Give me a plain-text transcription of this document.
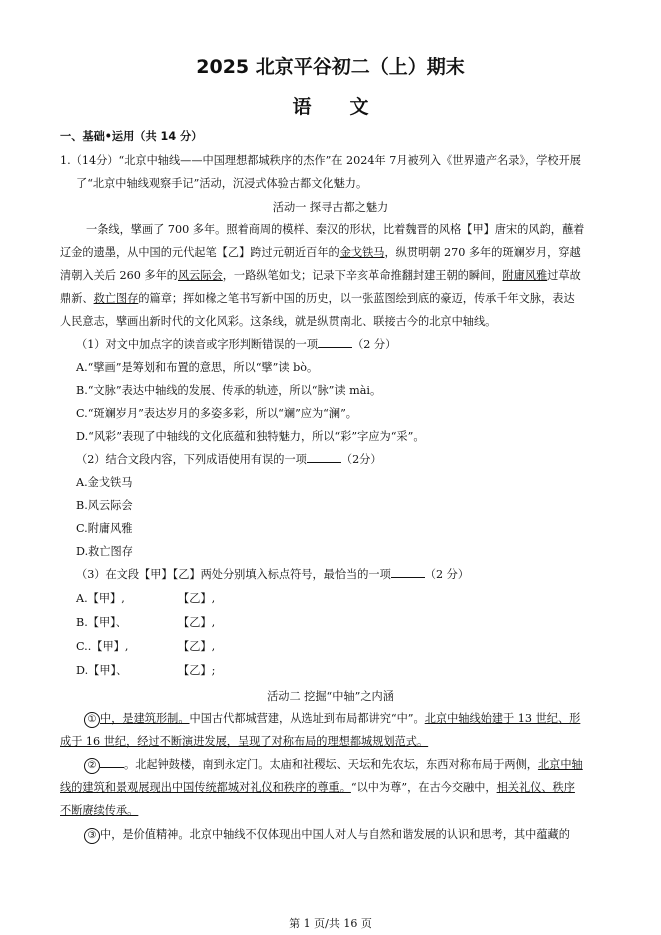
2025 北京平谷初二（上）期末
语文
一、基础•运用（共 14 分）
1.（14分）“北京中轴线——中国理想都城秩序的杰作”在 2024年 7月被列入《世界遗产名录》，学校开展
了“北京中轴线观察手记”活动，沉浸式体验古都文化魅力。
活动一 探寻古都之魅力
一条线，擘画了 700 多年。照着商周的模样、秦汉的形状，比着魏晋的风格【甲】唐宋的风韵，蘸着
辽金的遗墨，从中国的元代起笔【乙】跨过元朝近百年的金戈铁马，纵贯明朝 270 多年的斑斓岁月，穿越
清朝入关后 260 多年的风云际会，一路纵笔如戈；记录下辛亥革命推翻封建王朝的瞬间，附庸风雅过草故
鼎新、救亡图存的篇章；挥如椽之笔书写新中国的历史，以一张蓝图绘到底的豪迈，传承千年文脉，表达
人民意志，擘画出新时代的文化风彩。这条线，就是纵贯南北、联接古今的北京中轴线。
（1）对文中加点字的读音或字形判断错误的一项	（2 分）
A.“擘画”是筹划和布置的意思，所以“擘”读 bò。
B.“文脉”表达中轴线的发展、传承的轨迹，所以“脉”读 mài。
C.“斑斓岁月”表达岁月的多姿多彩，所以“斓”应为“澜”。
D.“风彩”表现了中轴线的文化底蕴和独特魅力，所以“彩”字应为“采”。
（2）结合文段内容，下列成语使用有误的一项	（2分）
A.金戈铁马
B.风云际会
C.附庸风雅
D.救亡图存
（3）在文段【甲】【乙】两处分别填入标点符号，最恰当的一项	（2 分）
A.【甲】,	【乙】,
B.【甲】、	【乙】,
C..【甲】,	【乙】,
D.【甲】、	【乙】;
活动二 挖掘“中轴”之内涵
① 中，是建筑形制。中国古代都城营建，从选址到布局都讲究“中”。北京中轴线始建于 13 世纪、形
成于 16 世纪，经过不断演进发展，呈现了对称布局的理想都城规划范式。
② 。北起钟鼓楼，南到永定门。太庙和社稷坛、天坛和先农坛，东西对称布局于两侧，北京中轴
线的建筑和景观展现出中国传统都城对礼仪和秩序的尊重。“以中为尊”，在古今交融中，相关礼仪、秩序
不断赓续传承。
③ 中，是价值精神。北京中轴线不仅体现出中国人对人与自然和谐发展的认识和思考，其中蕴藏的
第 1 页/共 16 页
